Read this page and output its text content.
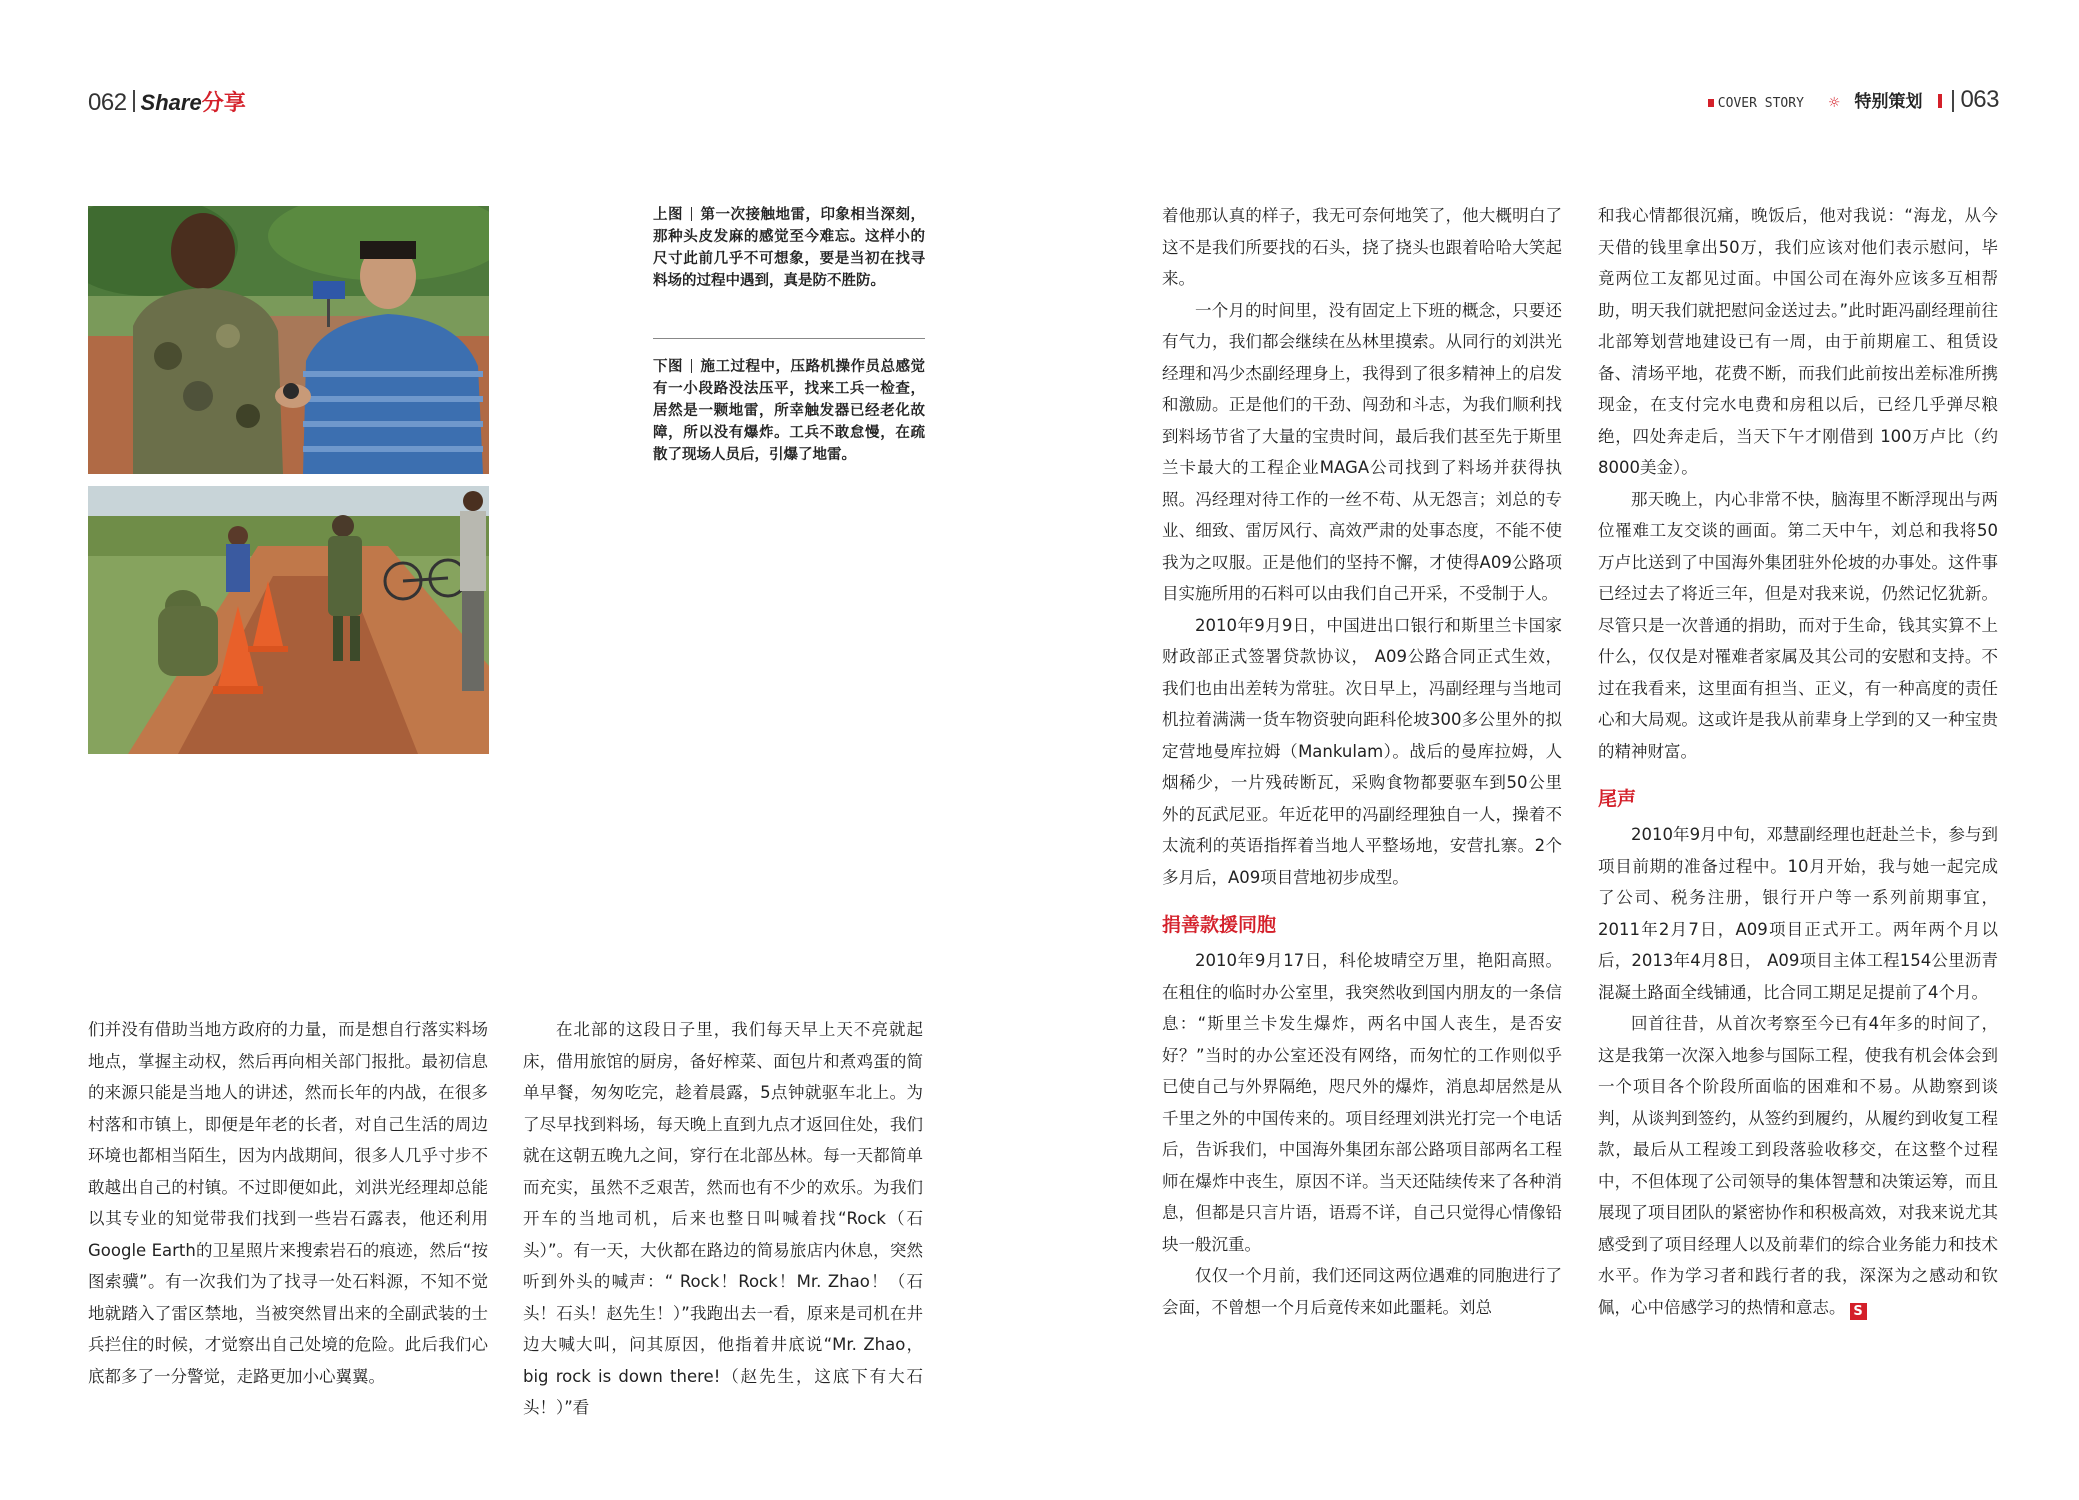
062 Share 分享	COVER STORY ☼ 特别策划 063
上图 第一次接触地雷，印象相当深刻，那种头皮发麻的感觉至今难忘。这样小的尺寸此前几乎不可想象，要是当初在找寻料场的过程中遇到，真是防不胜防。
下图 施工过程中，压路机操作员总感觉有一小段路没法压平，找来工兵一检查，居然是一颗地雷，所幸触发器已经老化故障，所以没有爆炸。工兵不敢怠慢，在疏散了现场人员后，引爆了地雷。

们并没有借助当地方政府的力量，而是想自行落实料场地点，掌握主动权，然后再向相关部门报批。最初信息的来源只能是当地人的讲述，然而长年的内战，在很多村落和市镇上，即便是年老的长者，对自己生活的周边环境也都相当陌生，因为内战期间，很多人几乎寸步不敢越出自己的村镇。不过即便如此，刘洪光经理却总能以其专业的知觉带我们找到一些岩石露表，他还利用Google Earth的卫星照片来搜索岩石的痕迹，然后“按图索骥”。有一次我们为了找寻一处石料源，不知不觉地就踏入了雷区禁地，当被突然冒出来的全副武装的士兵拦住的时候，才觉察出自己处境的危险。此后我们心底都多了一分警觉，走路更加小心翼翼。

在北部的这段日子里，我们每天早上天不亮就起床，借用旅馆的厨房，备好榨菜、面包片和煮鸡蛋的简单早餐，匆匆吃完，趁着晨露，5点钟就驱车北上。为了尽早找到料场，每天晚上直到九点才返回住处，我们就在这朝五晚九之间，穿行在北部丛林。每一天都简单而充实，虽然不乏艰苦，然而也有不少的欢乐。为我们开车的当地司机，后来也整日叫喊着找“Rock（石头）”。有一天，大伙都在路边的简易旅店内休息，突然听到外头的喊声：“ Rock！Rock！Mr. Zhao！（石头！石头！赵先生！）”我跑出去一看，原来是司机在井边大喊大叫，问其原因，他指着井底说“Mr. Zhao，big rock is down there!（赵先生，这底下有大石头！）”看

着他那认真的样子，我无可奈何地笑了，他大概明白了这不是我们所要找的石头，挠了挠头也跟着哈哈大笑起来。

一个月的时间里，没有固定上下班的概念，只要还有气力，我们都会继续在丛林里摸索。从同行的刘洪光经理和冯少杰副经理身上，我得到了很多精神上的启发和激励。正是他们的干劲、闯劲和斗志，为我们顺利找到料场节省了大量的宝贵时间，最后我们甚至先于斯里兰卡最大的工程企业MAGA公司找到了料场并获得执照。冯经理对待工作的一丝不苟、从无怨言；刘总的专业、细致、雷厉风行、高效严肃的处事态度，不能不使我为之叹服。正是他们的坚持不懈，才使得A09公路项目实施所用的石料可以由我们自己开采，不受制于人。

2010年9月9日，中国进出口银行和斯里兰卡国家财政部正式签署贷款协议， A09公路合同正式生效，我们也由出差转为常驻。次日早上，冯副经理与当地司机拉着满满一货车物资驶向距科伦坡300多公里外的拟定营地曼库拉姆（Mankulam）。战后的曼库拉姆，人烟稀少，一片残砖断瓦，采购食物都要驱车到50公里外的瓦武尼亚。年近花甲的冯副经理独自一人，操着不太流利的英语指挥着当地人平整场地，安营扎寨。2个多月后，A09项目营地初步成型。

捐善款援同胞

2010年9月17日，科伦坡晴空万里，艳阳高照。在租住的临时办公室里，我突然收到国内朋友的一条信息：“斯里兰卡发生爆炸，两名中国人丧生，是否安好？”当时的办公室还没有网络，而匆忙的工作则似乎已使自己与外界隔绝，咫尺外的爆炸，消息却居然是从千里之外的中国传来的。项目经理刘洪光打完一个电话后，告诉我们，中国海外集团东部公路项目部两名工程师在爆炸中丧生，原因不详。当天还陆续传来了各种消息，但都是只言片语，语焉不详，自己只觉得心情像铅块一般沉重。

仅仅一个月前，我们还同这两位遇难的同胞进行了会面，不曾想一个月后竟传来如此噩耗。刘总

和我心情都很沉痛，晚饭后，他对我说：“海龙，从今天借的钱里拿出50万，我们应该对他们表示慰问，毕竟两位工友都见过面。中国公司在海外应该多互相帮助，明天我们就把慰问金送过去。”此时距冯副经理前往北部筹划营地建设已有一周，由于前期雇工、租赁设备、清场平地，花费不断，而我们此前按出差标准所携现金，在支付完水电费和房租以后，已经几乎弹尽粮绝，四处奔走后，当天下午才刚借到 100万卢比（约8000美金）。

那天晚上，内心非常不快，脑海里不断浮现出与两位罹难工友交谈的画面。第二天中午，刘总和我将50万卢比送到了中国海外集团驻外伦坡的办事处。这件事已经过去了将近三年，但是对我来说，仍然记忆犹新。尽管只是一次普通的捐助，而对于生命，钱其实算不上什么，仅仅是对罹难者家属及其公司的安慰和支持。不过在我看来，这里面有担当、正义，有一种高度的责任心和大局观。这或许是我从前辈身上学到的又一种宝贵的精神财富。

尾声

2010年9月中旬，邓慧副经理也赶赴兰卡，参与到项目前期的准备过程中。10月开始，我与她一起完成了公司、税务注册，银行开户等一系列前期事宜，2011年2月7日，A09项目正式开工。两年两个月以后，2013年4月8日， A09项目主体工程154公里沥青混凝土路面全线铺通，比合同工期足足提前了4个月。

回首往昔，从首次考察至今已有4年多的时间了，这是我第一次深入地参与国际工程，使我有机会体会到一个项目各个阶段所面临的困难和不易。从勘察到谈判，从谈判到签约，从签约到履约，从履约到收复工程款，最后从工程竣工到段落验收移交，在这整个过程中，不但体现了公司领导的集体智慧和决策运筹，而且展现了项目团队的紧密协作和积极高效，对我来说尤其感受到了项目经理人以及前辈们的综合业务能力和技术水平。作为学习者和践行者的我，深深为之感动和钦佩，心中倍感学习的热情和意志。 S
